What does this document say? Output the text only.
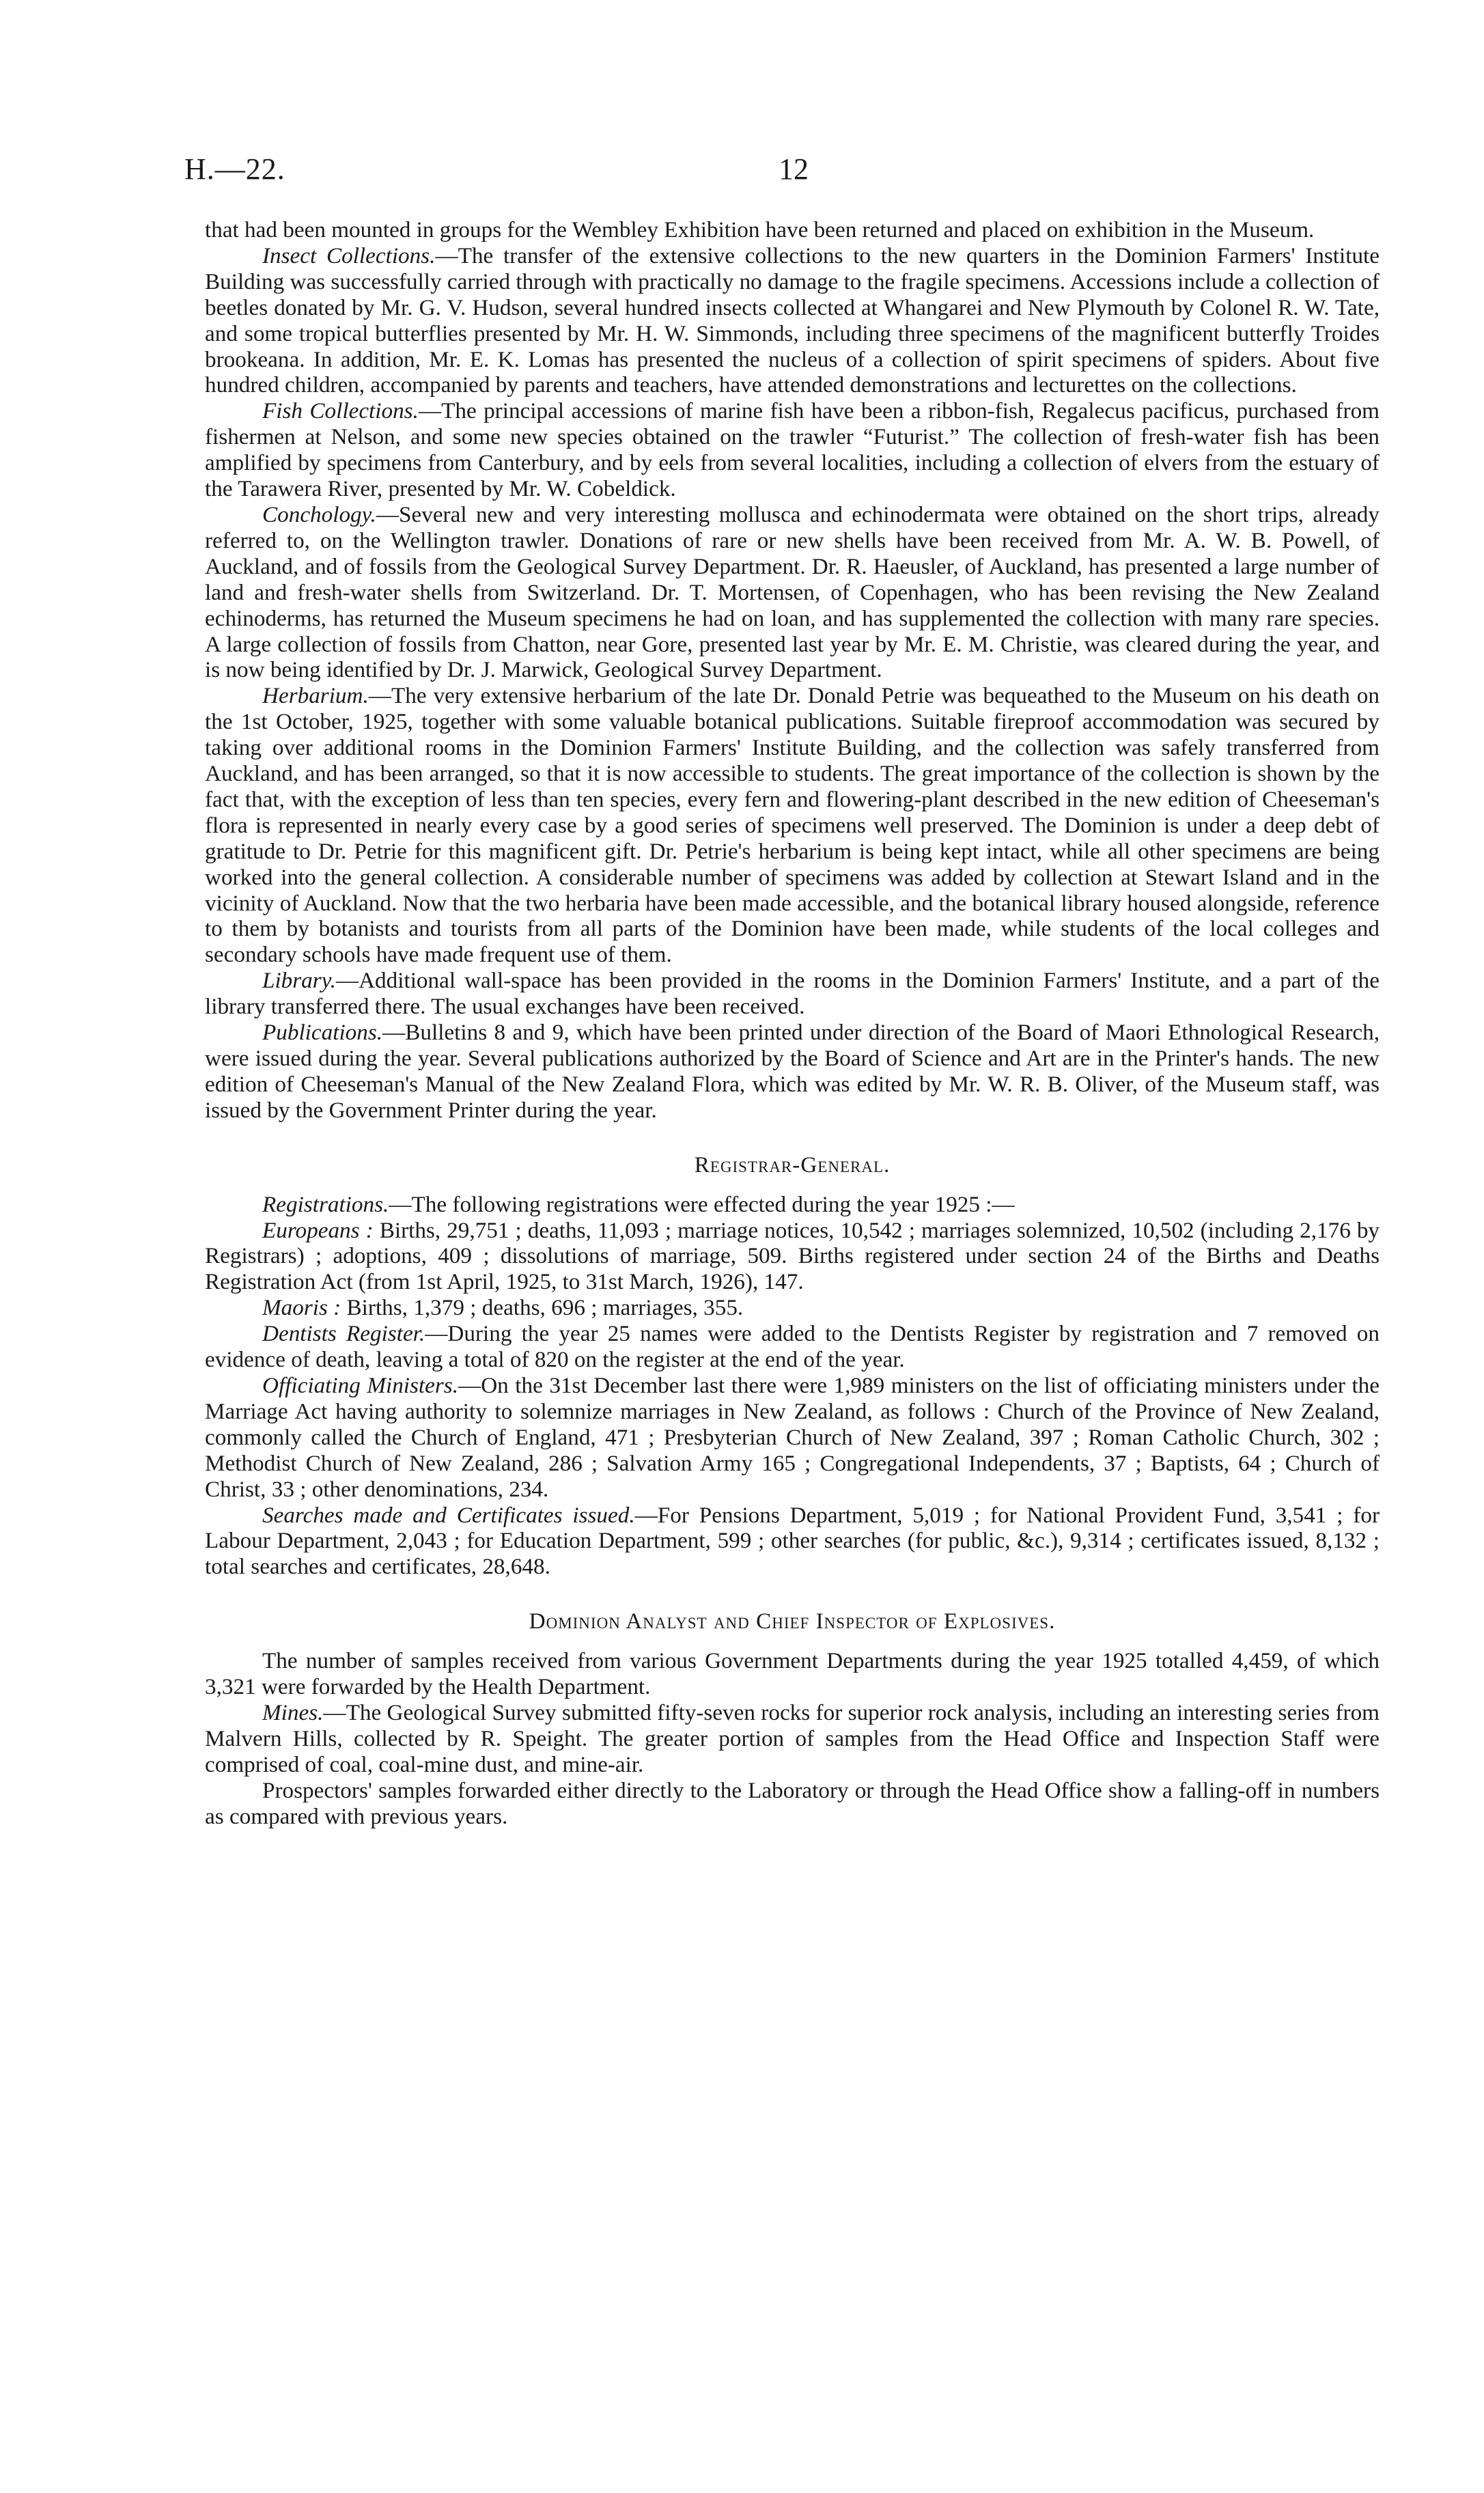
H.—22.	12

that had been mounted in groups for the Wembley Exhibition have been returned and placed on exhibition in the Museum.

Insect Collections.—The transfer of the extensive collections to the new quarters in the Dominion Farmers' Institute Building was successfully carried through with practically no damage to the fragile specimens. Accessions include a collection of beetles donated by Mr. G. V. Hudson, several hundred insects collected at Whangarei and New Plymouth by Colonel R. W. Tate, and some tropical butterflies presented by Mr. H. W. Simmonds, including three specimens of the magnificent butterfly Troides brookeana. In addition, Mr. E. K. Lomas has presented the nucleus of a collection of spirit specimens of spiders. About five hundred children, accompanied by parents and teachers, have attended demonstrations and lecturettes on the collections.

Fish Collections.—The principal accessions of marine fish have been a ribbon-fish, Regalecus pacificus, purchased from fishermen at Nelson, and some new species obtained on the trawler “Futurist.” The collection of fresh-water fish has been amplified by specimens from Canterbury, and by eels from several localities, including a collection of elvers from the estuary of the Tarawera River, presented by Mr. W. Cobeldick.

Conchology.—Several new and very interesting mollusca and echinodermata were obtained on the short trips, already referred to, on the Wellington trawler. Donations of rare or new shells have been received from Mr. A. W. B. Powell, of Auckland, and of fossils from the Geological Survey Department. Dr. R. Haeusler, of Auckland, has presented a large number of land and fresh-water shells from Switzerland. Dr. T. Mortensen, of Copenhagen, who has been revising the New Zealand echinoderms, has returned the Museum specimens he had on loan, and has supplemented the collection with many rare species. A large collection of fossils from Chatton, near Gore, presented last year by Mr. E. M. Christie, was cleared during the year, and is now being identified by Dr. J. Marwick, Geological Survey Department.

Herbarium.—The very extensive herbarium of the late Dr. Donald Petrie was bequeathed to the Museum on his death on the 1st October, 1925, together with some valuable botanical publications. Suitable fireproof accommodation was secured by taking over additional rooms in the Dominion Farmers' Institute Building, and the collection was safely transferred from Auckland, and has been arranged, so that it is now accessible to students. The great importance of the collection is shown by the fact that, with the exception of less than ten species, every fern and flowering-plant described in the new edition of Cheeseman's flora is represented in nearly every case by a good series of specimens well preserved. The Dominion is under a deep debt of gratitude to Dr. Petrie for this magnificent gift. Dr. Petrie's herbarium is being kept intact, while all other specimens are being worked into the general collection. A considerable number of specimens was added by collection at Stewart Island and in the vicinity of Auckland. Now that the two herbaria have been made accessible, and the botanical library housed alongside, reference to them by botanists and tourists from all parts of the Dominion have been made, while students of the local colleges and secondary schools have made frequent use of them.

Library.—Additional wall-space has been provided in the rooms in the Dominion Farmers' Institute, and a part of the library transferred there. The usual exchanges have been received.

Publications.—Bulletins 8 and 9, which have been printed under direction of the Board of Maori Ethnological Research, were issued during the year. Several publications authorized by the Board of Science and Art are in the Printer's hands. The new edition of Cheeseman's Manual of the New Zealand Flora, which was edited by Mr. W. R. B. Oliver, of the Museum staff, was issued by the Government Printer during the year.

Registrar-General.

Registrations.—The following registrations were effected during the year 1925 :—

Europeans : Births, 29,751 ; deaths, 11,093 ; marriage notices, 10,542 ; marriages solemnized, 10,502 (including 2,176 by Registrars) ; adoptions, 409 ; dissolutions of marriage, 509. Births registered under section 24 of the Births and Deaths Registration Act (from 1st April, 1925, to 31st March, 1926), 147.

Maoris : Births, 1,379 ; deaths, 696 ; marriages, 355.

Dentists Register.—During the year 25 names were added to the Dentists Register by registration and 7 removed on evidence of death, leaving a total of 820 on the register at the end of the year.

Officiating Ministers.—On the 31st December last there were 1,989 ministers on the list of officiating ministers under the Marriage Act having authority to solemnize marriages in New Zealand, as follows : Church of the Province of New Zealand, commonly called the Church of England, 471 ; Presbyterian Church of New Zealand, 397 ; Roman Catholic Church, 302 ; Methodist Church of New Zealand, 286 ; Salvation Army 165 ; Congregational Independents, 37 ; Baptists, 64 ; Church of Christ, 33 ; other denominations, 234.

Searches made and Certificates issued.—For Pensions Department, 5,019 ; for National Provident Fund, 3,541 ; for Labour Department, 2,043 ; for Education Department, 599 ; other searches (for public, &c.), 9,314 ; certificates issued, 8,132 ; total searches and certificates, 28,648.

Dominion Analyst and Chief Inspector of Explosives.

The number of samples received from various Government Departments during the year 1925 totalled 4,459, of which 3,321 were forwarded by the Health Department.

Mines.—The Geological Survey submitted fifty-seven rocks for superior rock analysis, including an interesting series from Malvern Hills, collected by R. Speight. The greater portion of samples from the Head Office and Inspection Staff were comprised of coal, coal-mine dust, and mine-air.

Prospectors' samples forwarded either directly to the Laboratory or through the Head Office show a falling-off in numbers as compared with previous years.
